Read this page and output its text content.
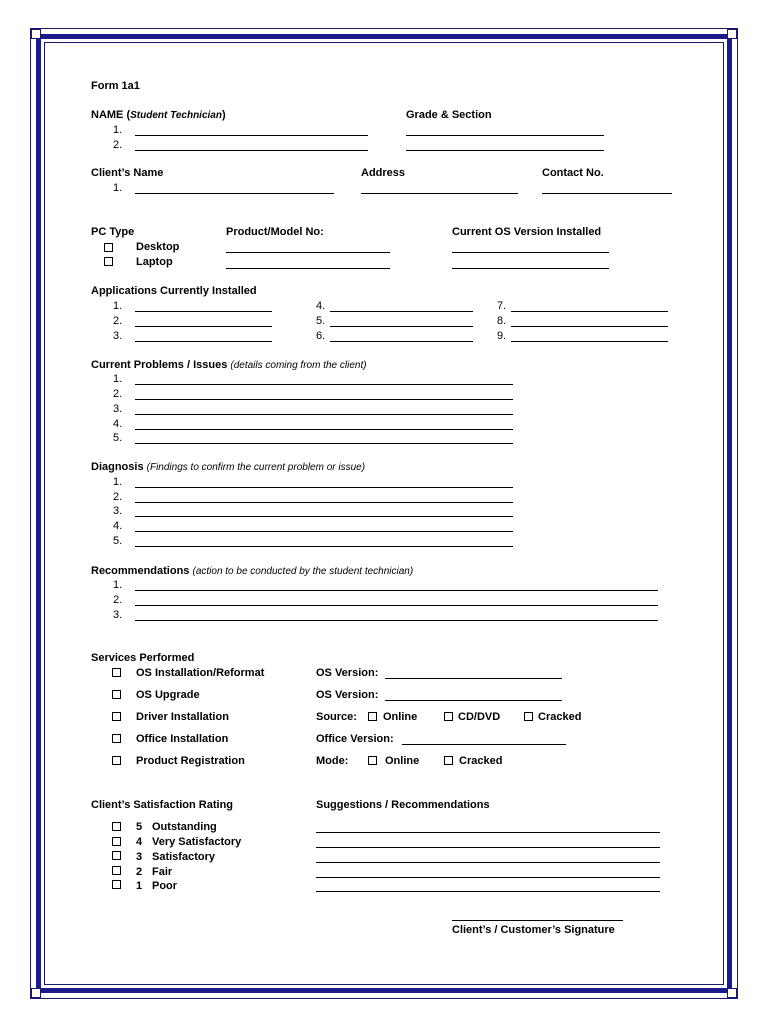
Form 1a1
NAME (Student Technician)	Grade & Section
1.
2.
Client’s Name	Address	Contact No.
1.
PC Type	Product/Model No:	Current OS Version Installed
Desktop
Laptop
Applications Currently Installed
1.
2.
3.
4.
5.
6.
7.
8.
9.
Current Problems / Issues (details coming from the client)
1.
2.
3.
4.
5.
Diagnosis (Findings to confirm the current problem or issue)
1.
2.
3.
4.
5.
Recommendations (action to be conducted by the student technician)
1.
2.
3.
Services Performed
OS Installation/Reformat	OS Version:
OS Upgrade	OS Version:
Driver Installation	Source: Online	CD/DVD	Cracked
Office Installation	Office Version:
Product Registration	Mode:	Online	Cracked
Client’s Satisfaction Rating
5 Outstanding
4 Very Satisfactory
3 Satisfactory
2 Fair
1 Poor
Suggestions / Recommendations
Client’s / Customer’s Signature
